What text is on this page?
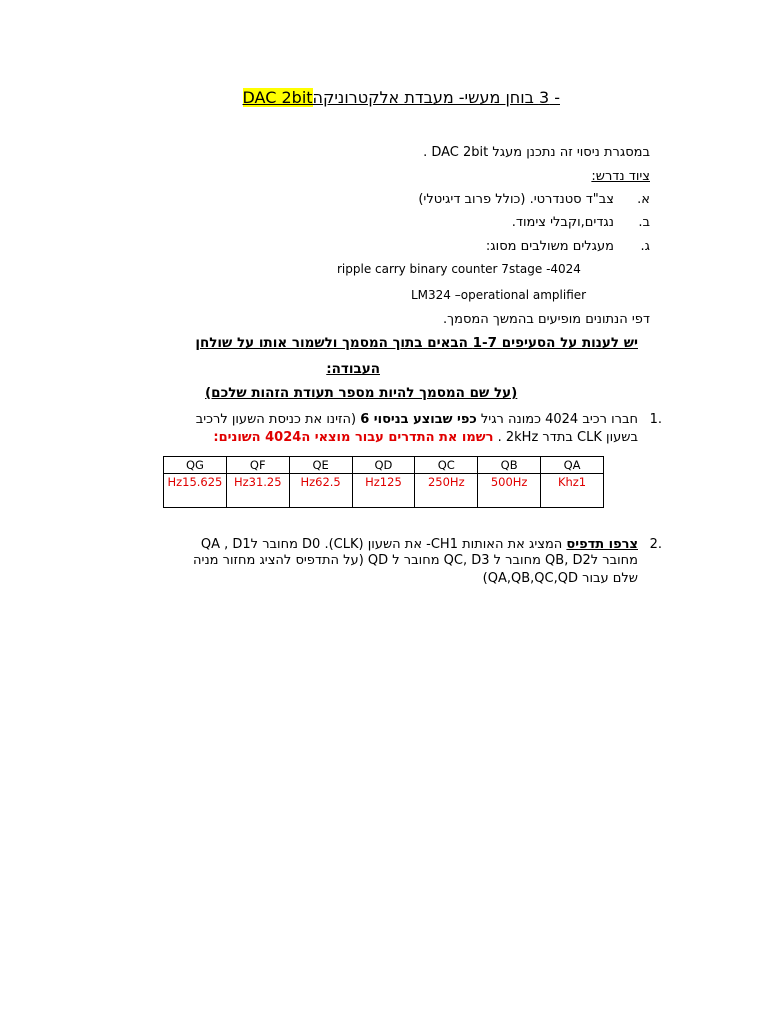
- 3 בוחן מעשי- מעבדת אלקטרוניקהDAC 2bit
במסגרת ניסוי זה נתכנן מעגל DAC 2bit .
ציוד נדרש:
א.צב"ד סטנדרטי. (כולל פרוב דיגיטלי)
ב.נגדים,וקבלי צימוד.
ג.מעגלים משולבים מסוג:
ripple carry binary counter 7stage -4024
LM324 –operational amplifier
דפי הנתונים מופיעים בהמשך המסמך.
יש לענות על הסעיפים 1-7 הבאים בתוך המסמך ולשמור אותו על שולחן
העבודה:
(על שם המסמך להיות מספר תעודת הזהות שלכם)
1.
חברו רכיב 4024 כמונה רגיל כפי שבוצע בניסוי 6 (הזינו את כניסת השעון לרכיב
בשעון CLK בתדר 2kHz . רשמו את התדרים עבור מוצאי ה4024 השונים:
QG	QF	QE	QD	QC	QB	QA
Hz15.625	Hz31.25	Hz62.5	Hz125	250Hz	500Hz	Khz1
2.
צרפו תדפיס המציג את האותות CH1- את השעון (CLK). D0 מחובר לQA , D1
מחובר לQB, D2 מחובר ל QC, D3 מחובר ל QD (על התדפיס להציג מחזור מניה
שלם עבור QA,QB,QC,QD)
